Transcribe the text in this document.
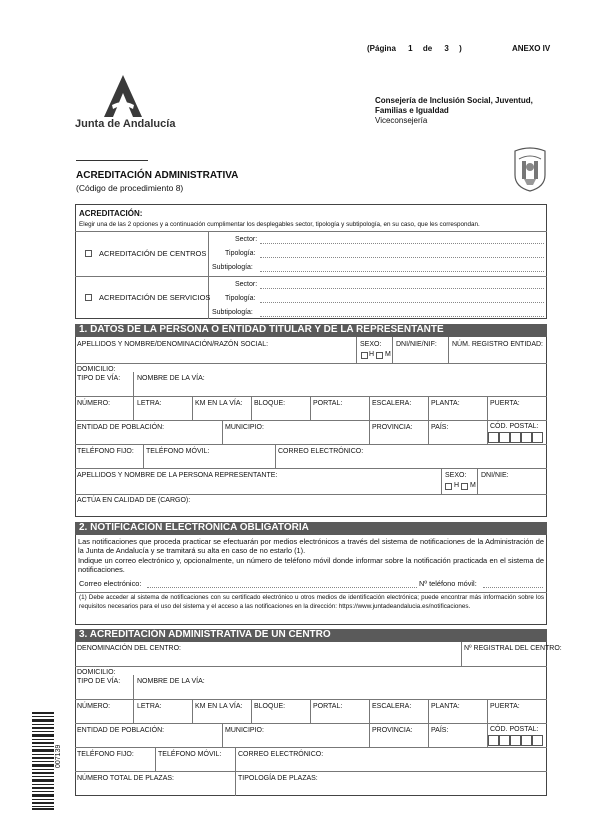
(Página 1 de 3 )	ANEXO IV
Junta de Andalucía
Consejería de Inclusión Social, Juventud,
Familias e Igualdad
Viceconsejería
ACREDITACIÓN ADMINISTRATIVA
(Código de procedimiento 8)
007139
ACREDITACIÓN:
Elegir una de las 2 opciones y a continuación cumplimentar los desplegables sector, tipología y subtipología, en su caso, que les correspondan.
ACREDITACIÓN DE CENTROS
ACREDITACIÓN DE SERVICIOS
Sector:
Tipología:
Subtipología:
Sector:
Tipología:
Subtipología:
1. DATOS DE LA PERSONA O ENTIDAD TITULAR Y DE LA REPRESENTANTE
APELLIDOS Y NOMBRE/DENOMINACIÓN/RAZÓN SOCIAL:	SEXO:
H M
DNI/NIE/NIF: NÚM. REGISTRO ENTIDAD:
DOMICILIO:
TIPO DE VÍA: NOMBRE DE LA VÍA:
NÚMERO:	LETRA:	KM EN LA VÍA: BLOQUE:	PORTAL:	ESCALERA:	PLANTA:	PUERTA:
ENTIDAD DE POBLACIÓN:	MUNICIPIO:	PROVINCIA:	PAÍS:	CÓD. POSTAL:
TELÉFONO FIJO: TELÉFONO MÓVIL:	CORREO ELECTRÓNICO:
APELLIDOS Y NOMBRE DE LA PERSONA REPRESENTANTE:	SEXO:
H M
DNI/NIE:
ACTÚA EN CALIDAD DE (CARGO):
2. NOTIFICACIÓN ELECTRÓNICA OBLIGATORIA
Las notificaciones que proceda practicar se efectuarán por medios electrónicos a través del sistema de notificaciones de la Administración de la Junta de Andalucía y se tramitará su alta en caso de no estarlo (1).
Indique un correo electrónico y, opcionalmente, un número de teléfono móvil donde informar sobre la notificación practicada en el sistema de notificaciones.
Correo electrónico:	Nº teléfono móvil:
(1) Debe acceder al sistema de notificaciones con su certificado electrónico u otros medios de identificación electrónica; puede encontrar más información sobre los requisitos necesarios para el uso del sistema y el acceso a las notificaciones en la dirección: https://www.juntadeandalucia.es/notificaciones.
3. ACREDITACIÓN ADMINISTRATIVA DE UN CENTRO
DENOMINACIÓN DEL CENTRO:	Nº REGISTRAL DEL CENTRO:
DOMICILIO:
TIPO DE VÍA: NOMBRE DE LA VÍA:
NÚMERO:	LETRA:	KM EN LA VÍA: BLOQUE:	PORTAL:	ESCALERA:	PLANTA:	PUERTA:
ENTIDAD DE POBLACIÓN:	MUNICIPIO:	PROVINCIA:	PAÍS:	CÓD. POSTAL:
TELÉFONO FIJO:	TELÉFONO MÓVIL: CORREO ELECTRÓNICO:
NÚMERO TOTAL DE PLAZAS:	TIPOLOGÍA DE PLAZAS:
